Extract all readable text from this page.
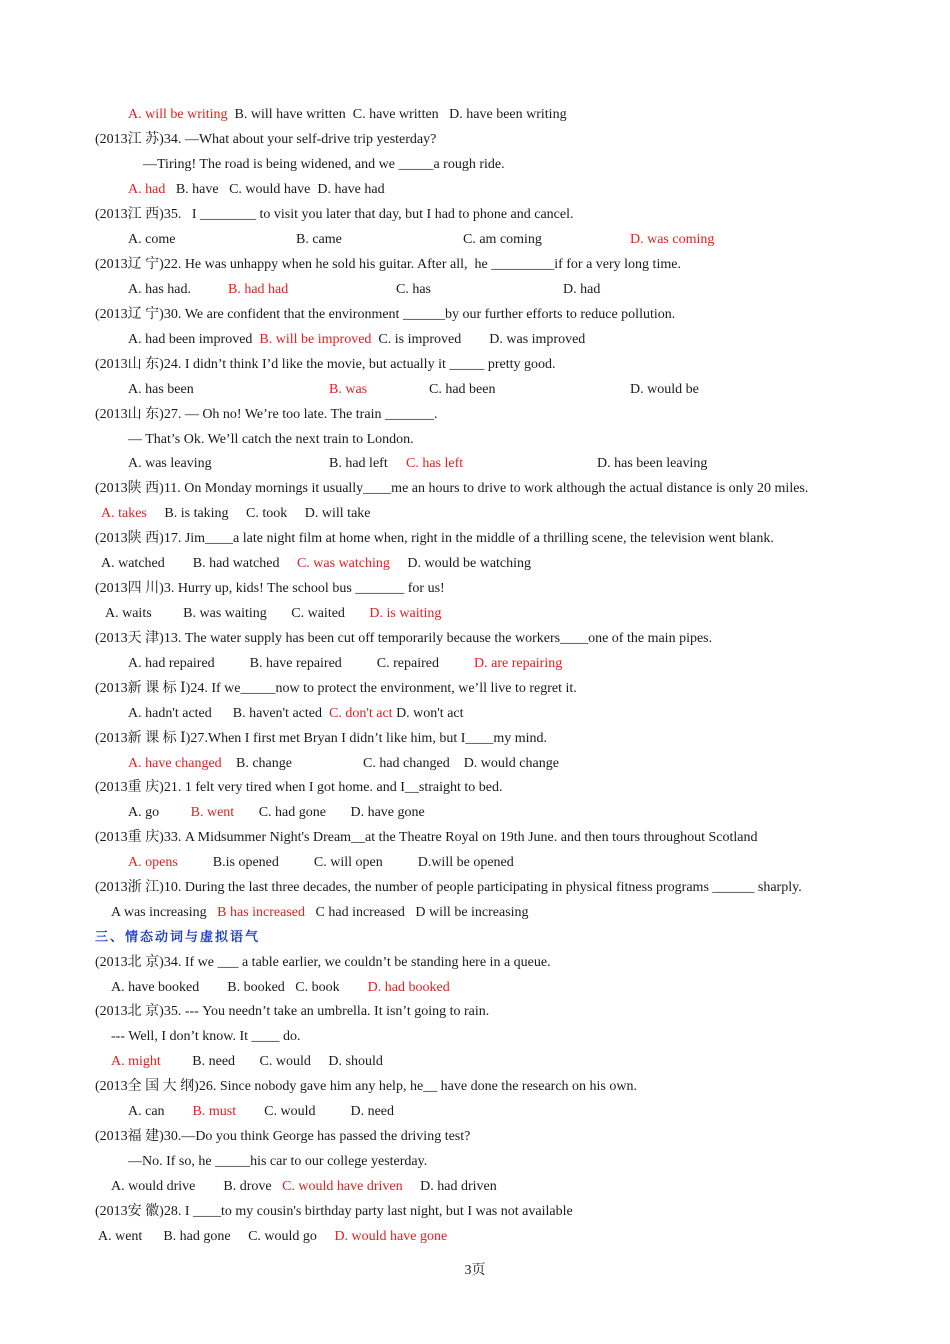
A. will be writing  B. will have written  C. have written   D. have been writing
(2013江 苏)34. —What about your self-drive trip yesterday?
—Tiring! The road is being widened, and we _____a rough ride.
A. had   B. have   C. would have  D. have had
(2013江 西)35.   I ________ to visit you later that day, but I had to phone and cancel.
A. come	B. came	C. am coming	D. was coming
(2013辽 宁)22. He was unhappy when he sold his guitar. After all,  he _________if for a very long time.
A. has had.	B. had had	C. has	D. had
(2013辽 宁)30. We are confident that the environment ______by our further efforts to reduce pollution.
A. had been improved  B. will be improved  C. is improved        D. was improved
(2013山 东)24. I didn’t think I’d like the movie, but actually it _____ pretty good.
A. has been	B. was	C. had been	D. would be
(2013山 东)27. — Oh no! We’re too late. The train _______.
— That’s Ok. We’ll catch the next train to London.
A. was leaving	B. had left C. has left	D. has been leaving
(2013陕 西)11. On Monday mornings it usually____me an hours to drive to work although the actual distance is only 20 miles.
A. takes     B. is taking     C. took     D. will take
(2013陕 西)17. Jim____a late night film at home when, right in the middle of a thrilling scene, the television went blank.
A. watched        B. had watched     C. was watching     D. would be watching
(2013四 川)3. Hurry up, kids! The school bus _______ for us!
A. waits         B. was waiting       C. waited       D. is waiting
(2013天 津)13. The water supply has been cut off temporarily because the workers____one of the main pipes.
A. had repaired          B. have repaired          C. repaired          D. are repairing
(2013新 课 标 Ⅰ)24. If we_____now to protect the environment, we’ll live to regret it.
A. hadn't acted      B. haven't acted  C. don't act D. won't act
(2013新 课 标 Ⅰ)27.When I first met Bryan I didn’t like him, but I____my mind.
A. have changed B. change	C. had changed    D. would change
(2013重 庆)21. 1 felt very tired when I got home. and I__straight to bed.
A. go         B. went       C. had gone       D. have gone
(2013重 庆)33. A Midsummer Night's Dream__at the Theatre Royal on 19th June. and then tours throughout Scotland
A. opens          B.is opened          C. will open          D.will be opened
(2013浙 江)10. During the last three decades, the number of people participating in physical fitness programs ______ sharply.
A was increasing   B has increased   C had increased   D will be increasing
三、情态动词与虚拟语气
(2013北 京)34. If we ___ a table earlier, we couldn’t be standing here in a queue.
A. have booked        B. booked   C. book        D. had booked
(2013北 京)35. --- You needn’t take an umbrella. It isn’t going to rain.
--- Well, I don’t know. It ____ do.
A. might         B. need       C. would     D. should
(2013全 国 大 纲)26. Since nobody gave him any help, he__ have done the research on his own.
A. can        B. must        C. would          D. need
(2013福 建)30.—Do you think George has passed the driving test?
—No. If so, he _____his car to our college yesterday.
A. would drive        B. drove   C. would have driven     D. had driven
(2013安 徽)28. I ____to my cousin's birthday party last night, but I was not available
A. went      B. had gone     C. would go     D. would have gone
3页
